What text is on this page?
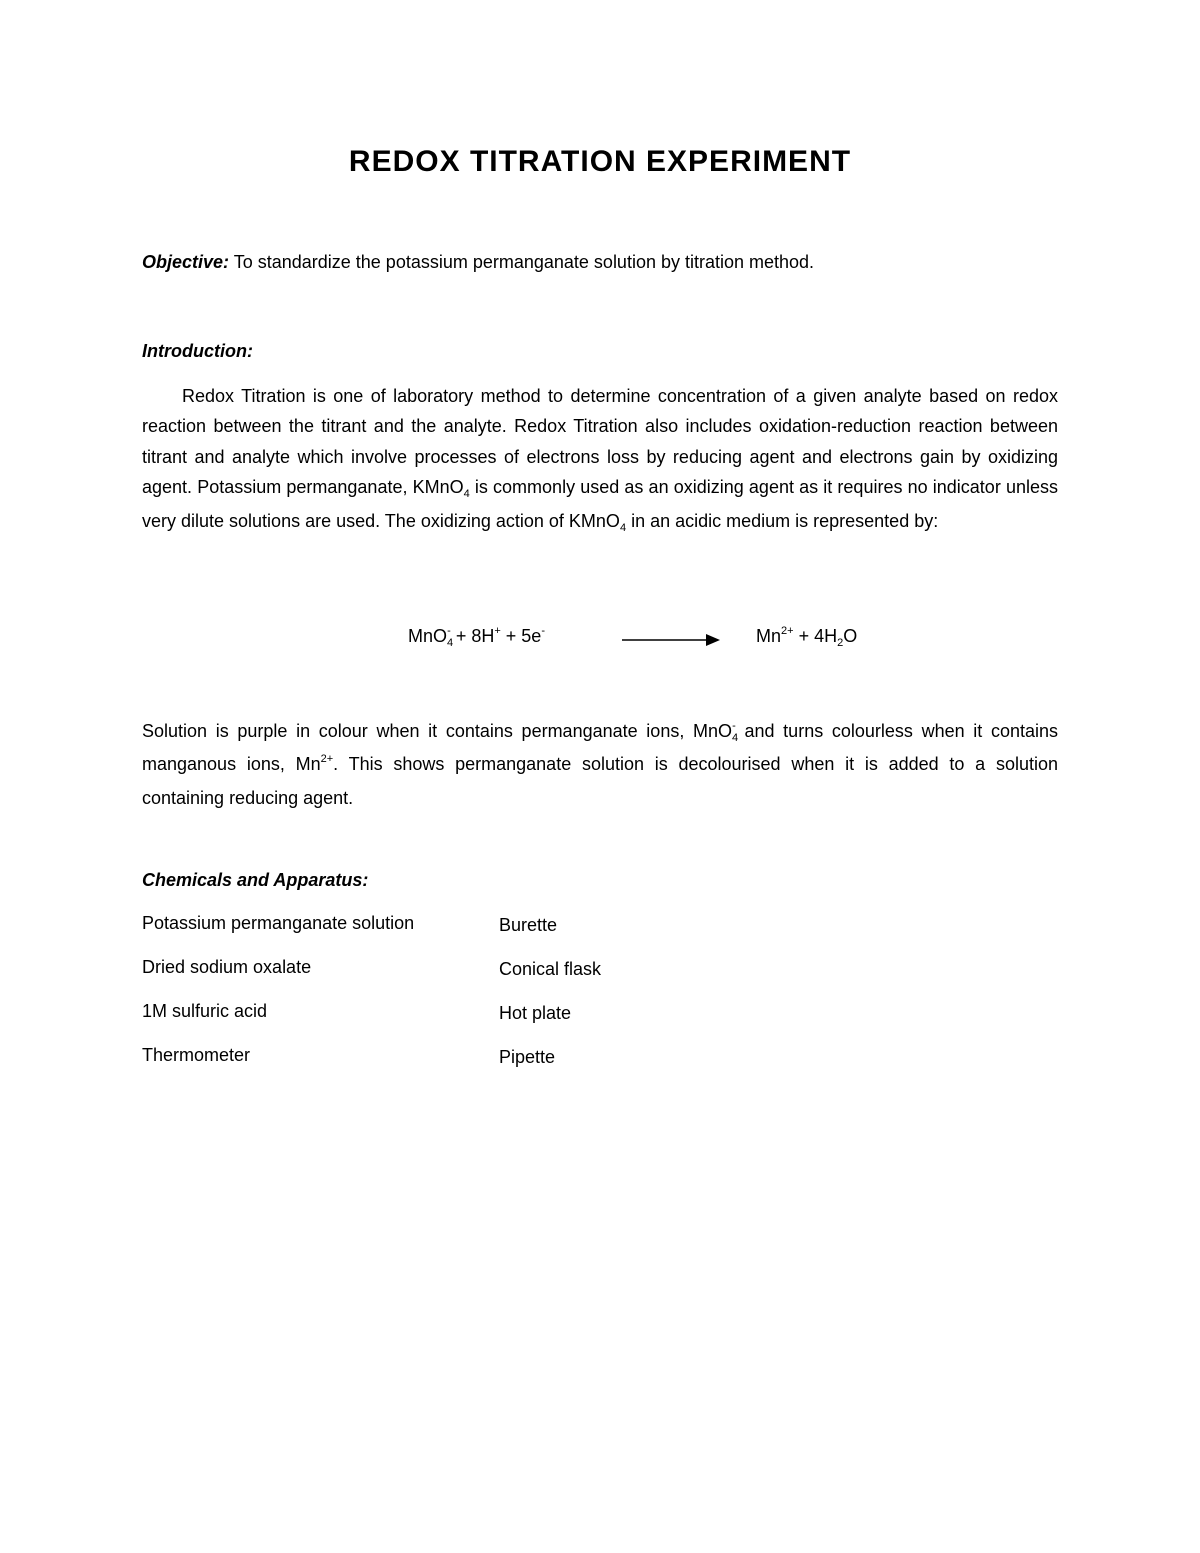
REDOX TITRATION EXPERIMENT
Objective: To standardize the potassium permanganate solution by titration method.
Introduction:
Redox Titration is one of laboratory method to determine concentration of a given analyte based on redox reaction between the titrant and the analyte. Redox Titration also includes oxidation-reduction reaction between titrant and analyte which involve processes of electrons loss by reducing agent and electrons gain by oxidizing agent. Potassium permanganate, KMnO$_4$ is commonly used as an oxidizing agent as it requires no indicator unless very dilute solutions are used. The oxidizing action of KMnO$_4$ in an acidic medium is represented by:
MnO$_4$- + 8H+ + 5e-	$Mn^{2+} + 4H_2O$
Solution is purple in colour when it contains permanganate ions, MnO$_4$- and turns colourless when it contains manganous ions, $Mn^{2+}$. This shows permanganate solution is decolourised when it is added to a solution containing reducing agent.
Chemicals and Apparatus:
Potassium permanganate solution	Burette
Dried sodium oxalate	Conical flask
1M sulfuric acid	Hot plate
Thermometer	Pipette
